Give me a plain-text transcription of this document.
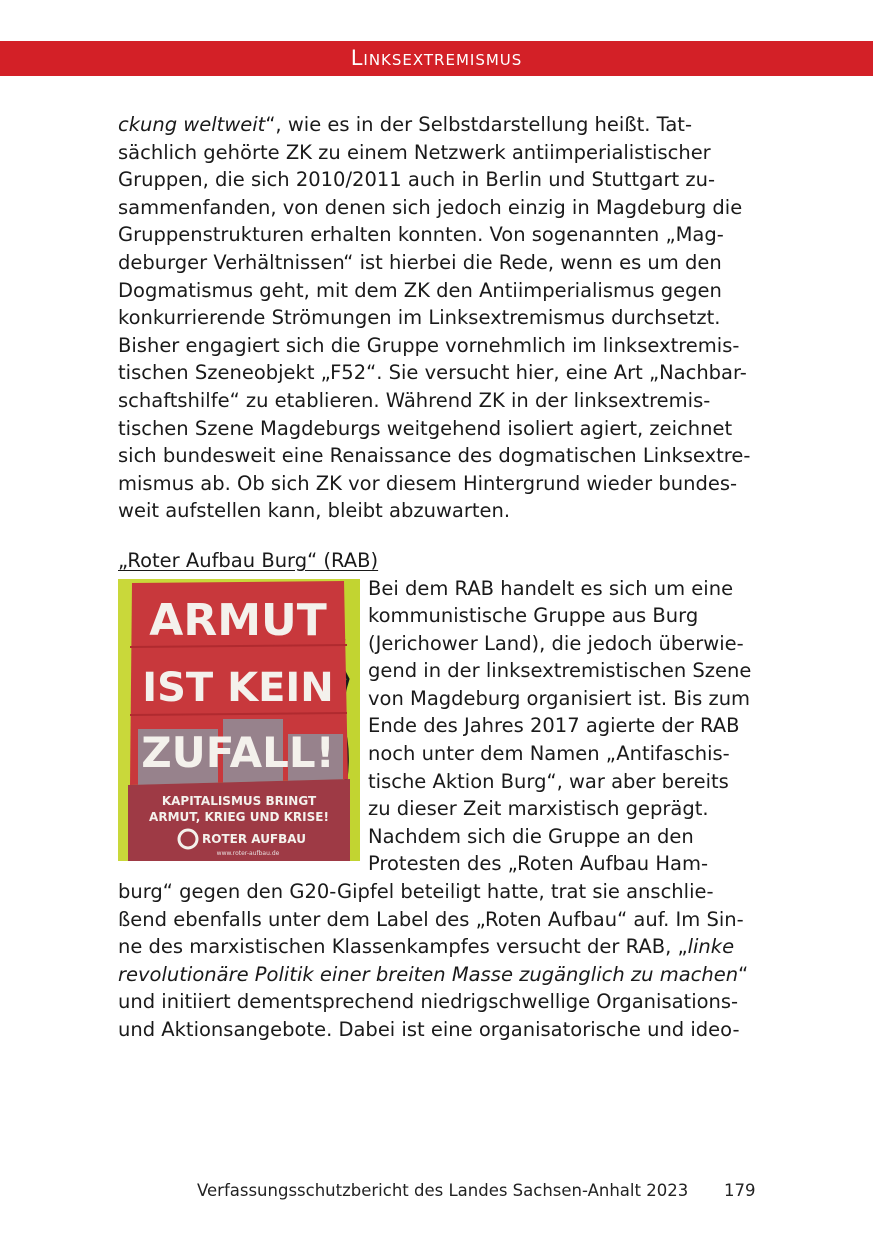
Linksextremismus
ckung weltweit“, wie es in der Selbstdarstellung heißt. Tat-
sächlich gehörte ZK zu einem Netzwerk antiimperialistischer
Gruppen, die sich 2010/2011 auch in Berlin und Stuttgart zu-
sammenfanden, von denen sich jedoch einzig in Magdeburg die
Gruppenstrukturen erhalten konnten. Von sogenannten „Mag-
deburger Verhältnissen“ ist hierbei die Rede, wenn es um den
Dogmatismus geht, mit dem ZK den Antiimperialismus gegen
konkurrierende Strömungen im Linksextremismus durchsetzt.
Bisher engagiert sich die Gruppe vornehmlich im linksextremis-
tischen Szeneobjekt „F52“. Sie versucht hier, eine Art „Nachbar-
schaftshilfe“ zu etablieren. Während ZK in der linksextremis-
tischen Szene Magdeburgs weitgehend isoliert agiert, zeichnet
sich bundesweit eine Renaissance des dogmatischen Linksextre-
mismus ab. Ob sich ZK vor diesem Hintergrund wieder bundes-
weit aufstellen kann, bleibt abzuwarten.
„Roter Aufbau Burg“ (RAB)
ARMUT
IST KEIN
ZUFALL!
KAPITALISMUS BRINGT
ARMUT, KRIEG UND KRISE!
ROTER AUFBAU
www.roter-aufbau.de
Bei dem RAB handelt es sich um eine
kommunistische Gruppe aus Burg
(Jerichower Land), die jedoch überwie-
gend in der linksextremistischen Szene
von Magdeburg organisiert ist. Bis zum
Ende des Jahres 2017 agierte der RAB
noch unter dem Namen „Antifaschis-
tische Aktion Burg“, war aber bereits
zu dieser Zeit marxistisch geprägt.
Nachdem sich die Gruppe an den
Protesten des „Roten Aufbau Ham-
burg“ gegen den G20-Gipfel beteiligt hatte, trat sie anschlie-
ßend ebenfalls unter dem Label des „Roten Aufbau“ auf. Im Sin-
ne des marxistischen Klassenkampfes versucht der RAB, „linke
revolutionäre Politik einer breiten Masse zugänglich zu machen“
und initiiert dementsprechend niedrigschwellige Organisations-
und Aktionsangebote. Dabei ist eine organisatorische und ideo-
Verfassungsschutzbericht des Landes Sachsen-Anhalt 2023 179
